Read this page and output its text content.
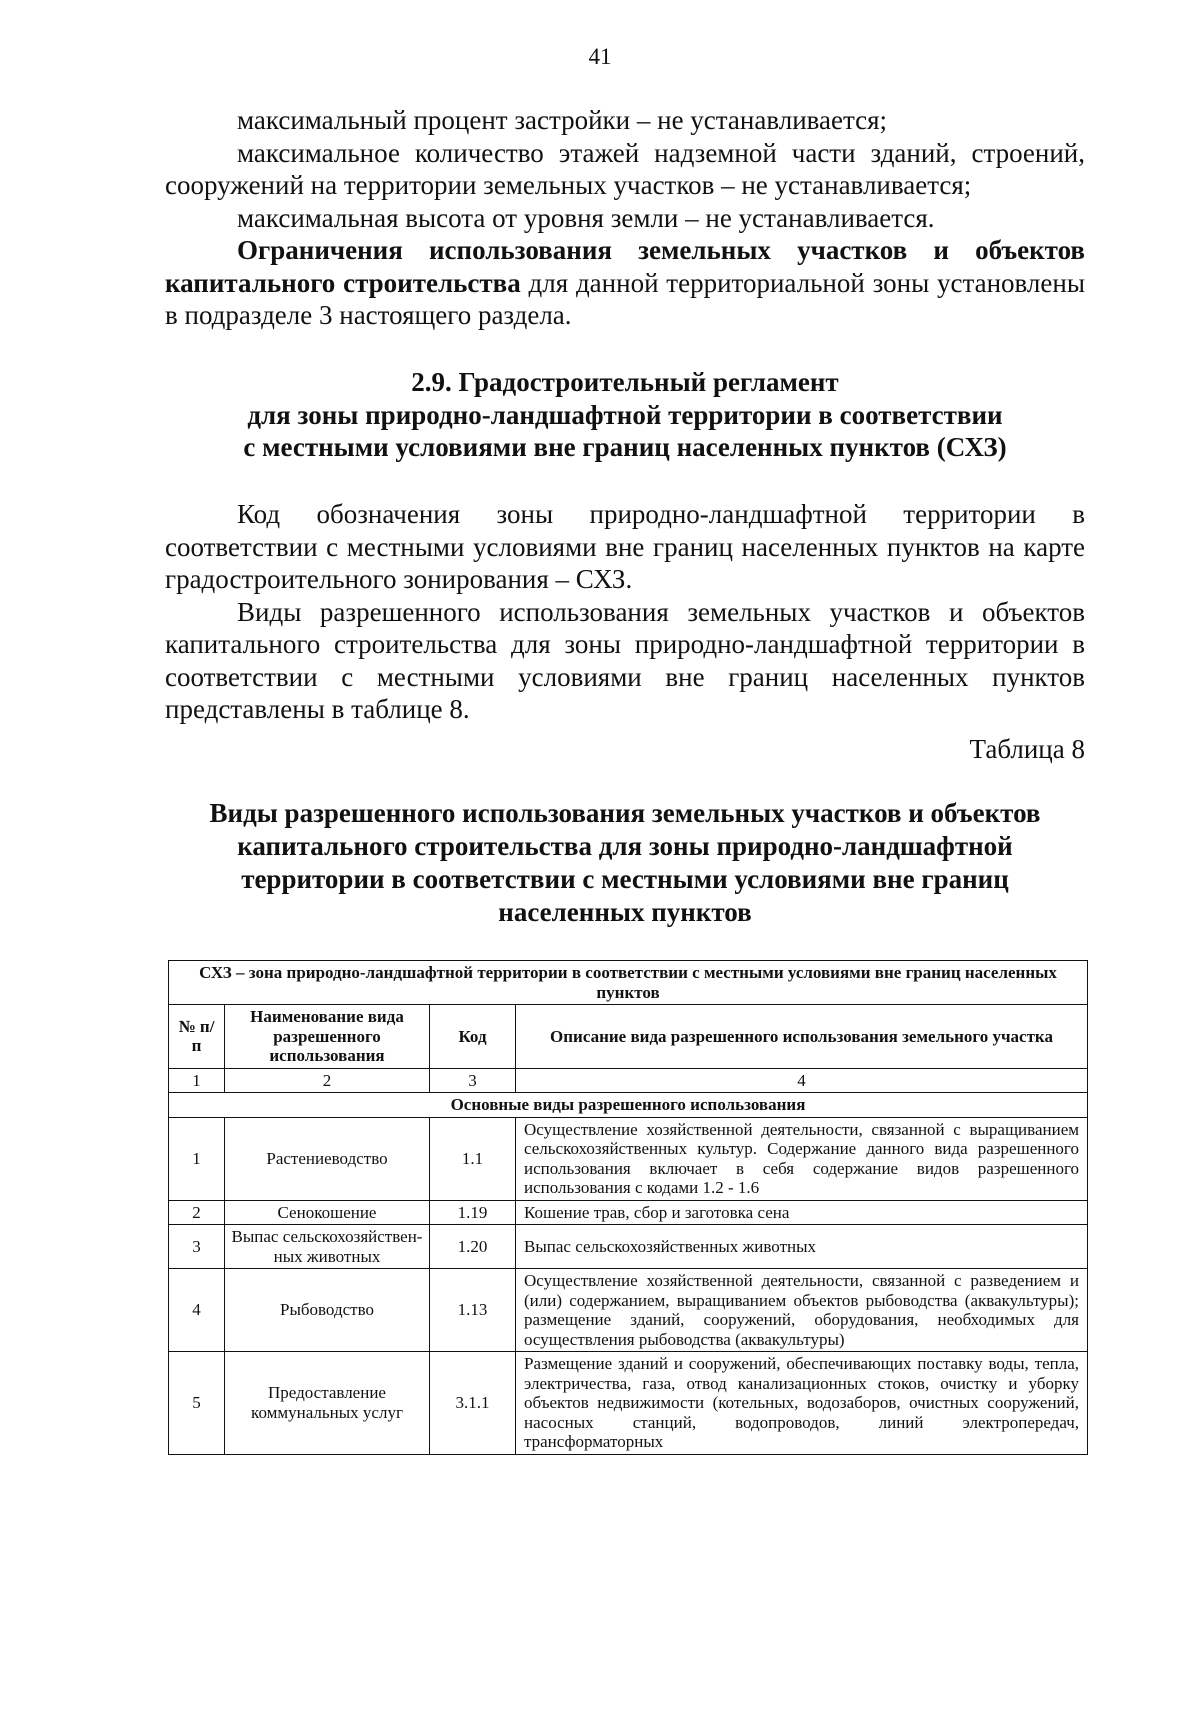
41

максимальный процент застройки – не устанавливается;

максимальное количество этажей надземной части зданий, строений, сооружений на территории земельных участков – не устанавливается;

максимальная высота от уровня земли – не устанавливается.

Ограничения использования земельных участков и объектов капитального строительства для данной территориальной зоны установлены в подразделе 3 настоящего раздела.

2.9. Градостроительный регламент
для зоны природно-ландшафтной территории в соответствии
с местными условиями вне границ населенных пунктов (СХЗ)

Код обозначения зоны природно-ландшафтной территории в соответствии с местными условиями вне границ населенных пунктов на карте градостроительного зонирования – СХЗ.

Виды разрешенного использования земельных участков и объектов капитального строительства для зоны природно-ландшафтной территории в соответствии с местными условиями вне границ населенных пунктов представлены в таблице 8.

Таблица 8
Виды разрешенного использования земельных участков и объектов капитального строительства для зоны природно-ландшафтной территории в соответствии с местными условиями вне границ населенных пунктов
СХЗ – зона природно-ландшафтной территории в соответствии с местными условиями вне границ населенных пунктов			
№ п/п	Наименование вида разрешенного использования	Код	Описание вида разрешенного использования земельного участка
1	2	3	4
Основные виды разрешенного использования			
1	Растениеводство	1.1	Осуществление хозяйственной деятельности, связанной с выращиванием сельскохозяйственных культур. Содержание данного вида разрешенного использования включает в себя содержание видов разрешенного использования с кодами 1.2 - 1.6
2	Сенокошение	1.19	Кошение трав, сбор и заготовка сена
3	Выпас сельскохозяйствен-ных животных	1.20	Выпас сельскохозяйственных животных
4	Рыбоводство	1.13	Осуществление хозяйственной деятельности, связанной с разведением и (или) содержанием, выращиванием объектов рыбоводства (аквакультуры); размещение зданий, сооружений, оборудования, необходимых для осуществления рыбоводства (аквакультуры)
5	Предоставление коммунальных услуг	3.1.1	Размещение зданий и сооружений, обеспечивающих поставку воды, тепла, электричества, газа, отвод канализационных стоков, очистку и уборку объектов недвижимости (котельных, водозаборов, очистных сооружений, насосных станций, водопроводов, линий электропередач, трансформаторных
